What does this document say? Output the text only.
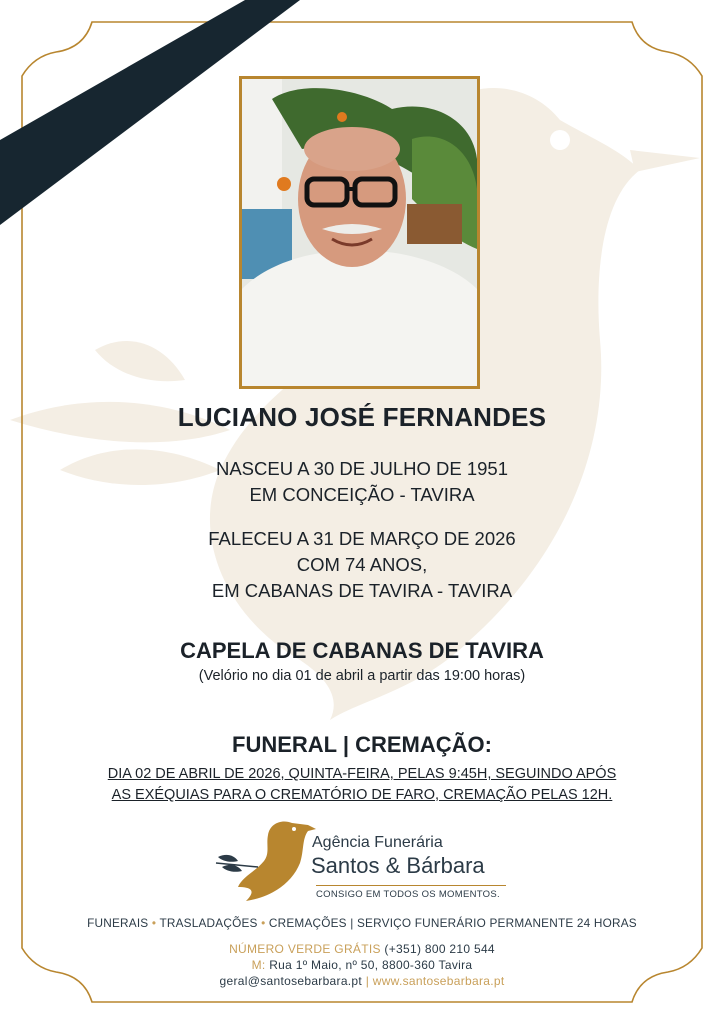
LUCIANO JOSÉ FERNANDES
NASCEU A 30 DE JULHO DE 1951
EM CONCEIÇÃO - TAVIRA
FALECEU A 31 DE MARÇO DE 2026
COM 74 ANOS,
EM CABANAS DE TAVIRA - TAVIRA
CAPELA DE CABANAS DE TAVIRA
(Velório no dia 01 de abril a partir das 19:00 horas)
FUNERAL | CREMAÇÃO:
DIA 02 DE ABRIL DE 2026, QUINTA-FEIRA, PELAS 9:45H, SEGUINDO APÓS
AS EXÉQUIAS PARA O CREMATÓRIO DE FARO, CREMAÇÃO PELAS 12H.
Agência Funerária
Santos & Bárbara
CONSIGO EM TODOS OS MOMENTOS.
FUNERAIS • TRASLADAÇÕES • CREMAÇÕES | SERVIÇO FUNERÁRIO PERMANENTE 24 HORAS
NÚMERO VERDE GRÁTIS (+351) 800 210 544
M: Rua 1º Maio, nº 50, 8800-360 Tavira
geral@santosebarbara.pt | www.santosebarbara.pt
